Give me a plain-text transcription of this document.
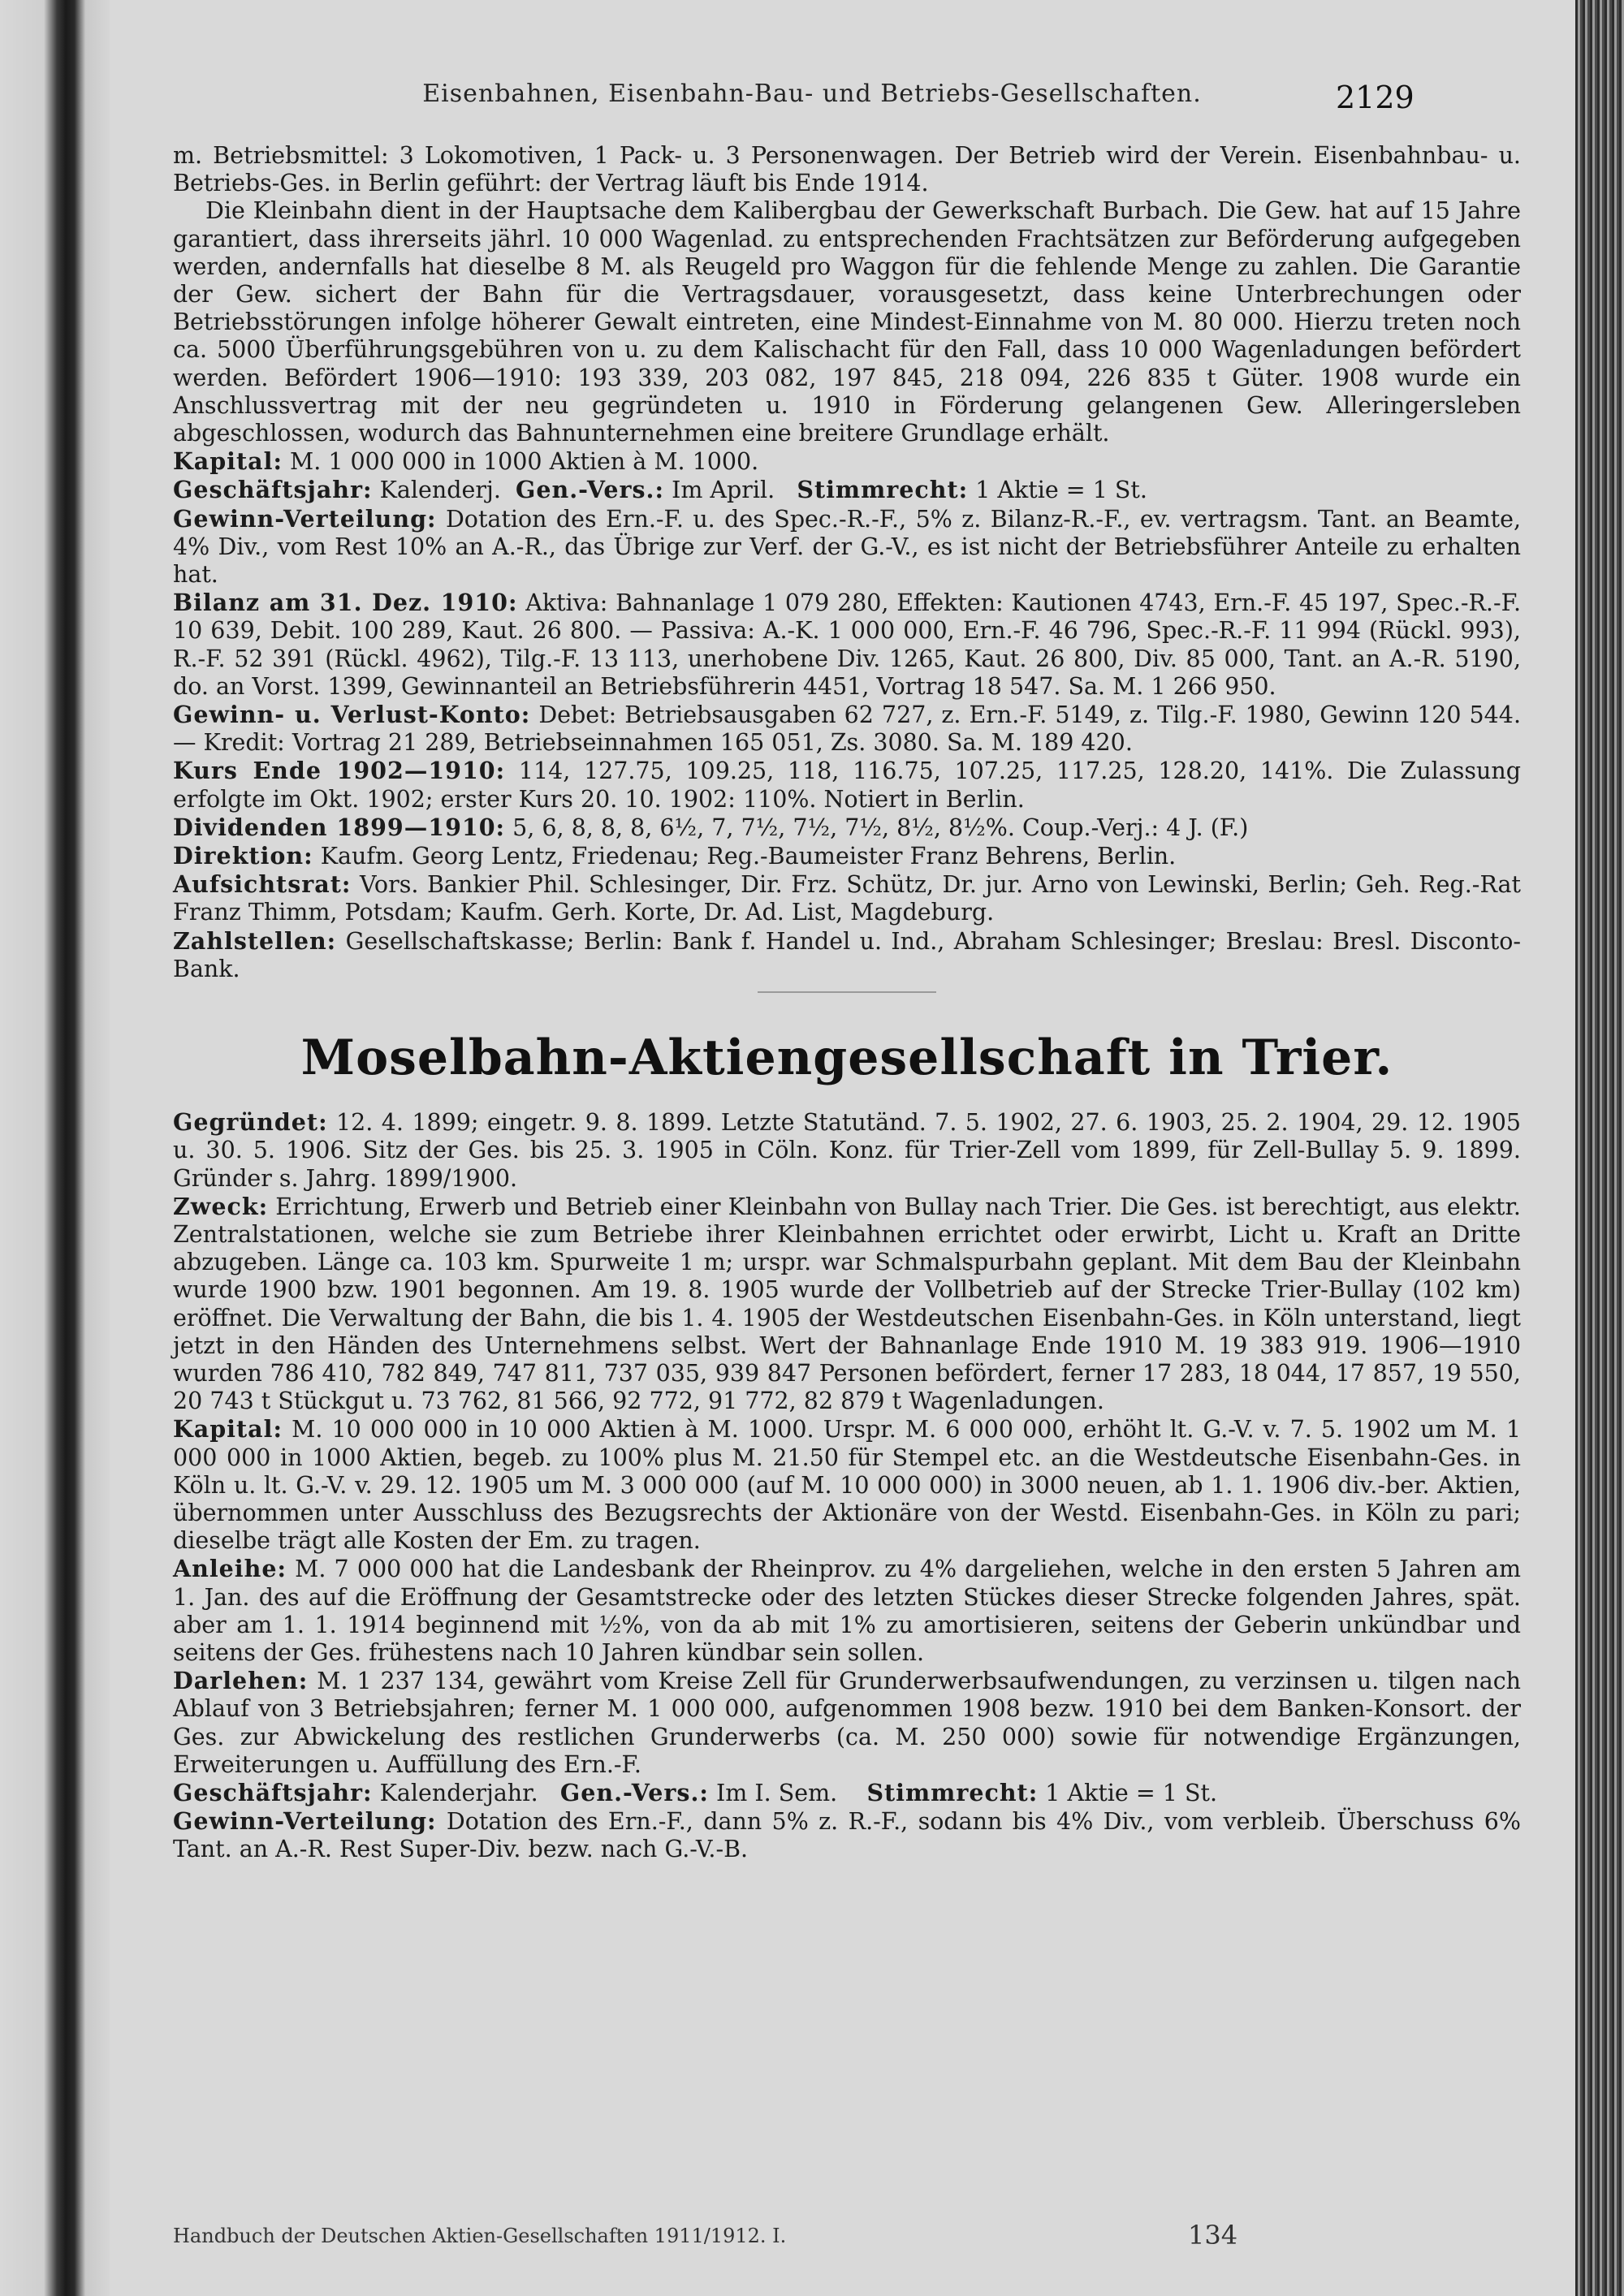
Eisenbahnen, Eisenbahn-Bau- und Betriebs-Gesellschaften.	2129

m. Betriebsmittel: 3 Lokomotiven, 1 Pack- u. 3 Personenwagen. Der Betrieb wird der Verein. Eisenbahnbau- u. Betriebs-Ges. in Berlin geführt: der Vertrag läuft bis Ende 1914.

Die Kleinbahn dient in der Hauptsache dem Kalibergbau der Gewerkschaft Burbach. Die Gew. hat auf 15 Jahre garantiert, dass ihrerseits jährl. 10 000 Wagenlad. zu entsprechenden Frachtsätzen zur Beförderung aufgegeben werden, andernfalls hat dieselbe 8 M. als Reugeld pro Waggon für die fehlende Menge zu zahlen. Die Garantie der Gew. sichert der Bahn für die Vertragsdauer, vorausgesetzt, dass keine Unterbrechungen oder Betriebsstörungen infolge höherer Gewalt eintreten, eine Mindest-Einnahme von M. 80 000. Hierzu treten noch ca. 5000 Überführungsgebühren von u. zu dem Kalischacht für den Fall, dass 10 000 Wagenladungen befördert werden. Befördert 1906—1910: 193 339, 203 082, 197 845, 218 094, 226 835 t Güter. 1908 wurde ein Anschlussvertrag mit der neu gegründeten u. 1910 in Förderung gelangenen Gew. Alleringersleben abgeschlossen, wodurch das Bahnunternehmen eine breitere Grundlage erhält.

Kapital: M. 1 000 000 in 1000 Aktien à M. 1000.

Geschäftsjahr: Kalenderj. Gen.-Vers.: Im April. Stimmrecht: 1 Aktie = 1 St.

Gewinn-Verteilung: Dotation des Ern.-F. u. des Spec.-R.-F., 5% z. Bilanz-R.-F., ev. vertragsm. Tant. an Beamte, 4% Div., vom Rest 10% an A.-R., das Übrige zur Verf. der G.-V., es ist nicht der Betriebsführer Anteile zu erhalten hat.

Bilanz am 31. Dez. 1910: Aktiva: Bahnanlage 1 079 280, Effekten: Kautionen 4743, Ern.-F. 45 197, Spec.-R.-F. 10 639, Debit. 100 289, Kaut. 26 800. — Passiva: A.-K. 1 000 000, Ern.-F. 46 796, Spec.-R.-F. 11 994 (Rückl. 993), R.-F. 52 391 (Rückl. 4962), Tilg.-F. 13 113, unerhobene Div. 1265, Kaut. 26 800, Div. 85 000, Tant. an A.-R. 5190, do. an Vorst. 1399, Gewinnanteil an Betriebsführerin 4451, Vortrag 18 547. Sa. M. 1 266 950.

Gewinn- u. Verlust-Konto: Debet: Betriebsausgaben 62 727, z. Ern.-F. 5149, z. Tilg.-F. 1980, Gewinn 120 544. — Kredit: Vortrag 21 289, Betriebseinnahmen 165 051, Zs. 3080. Sa. M. 189 420.

Kurs Ende 1902—1910: 114, 127.75, 109.25, 118, 116.75, 107.25, 117.25, 128.20, 141%. Die Zulassung erfolgte im Okt. 1902; erster Kurs 20. 10. 1902: 110%. Notiert in Berlin.

Dividenden 1899—1910: 5, 6, 8, 8, 8, 6½, 7, 7½, 7½, 7½, 8½, 8½%. Coup.-Verj.: 4 J. (F.)

Direktion: Kaufm. Georg Lentz, Friedenau; Reg.-Baumeister Franz Behrens, Berlin.

Aufsichtsrat: Vors. Bankier Phil. Schlesinger, Dir. Frz. Schütz, Dr. jur. Arno von Lewinski, Berlin; Geh. Reg.-Rat Franz Thimm, Potsdam; Kaufm. Gerh. Korte, Dr. Ad. List, Magdeburg.

Zahlstellen: Gesellschaftskasse; Berlin: Bank f. Handel u. Ind., Abraham Schlesinger; Breslau: Bresl. Disconto-Bank.

Moselbahn-Aktiengesellschaft in Trier.

Gegründet: 12. 4. 1899; eingetr. 9. 8. 1899. Letzte Statutänd. 7. 5. 1902, 27. 6. 1903, 25. 2. 1904, 29. 12. 1905 u. 30. 5. 1906. Sitz der Ges. bis 25. 3. 1905 in Cöln. Konz. für Trier-Zell vom 1899, für Zell-Bullay 5. 9. 1899. Gründer s. Jahrg. 1899/1900.

Zweck: Errichtung, Erwerb und Betrieb einer Kleinbahn von Bullay nach Trier. Die Ges. ist berechtigt, aus elektr. Zentralstationen, welche sie zum Betriebe ihrer Kleinbahnen errichtet oder erwirbt, Licht u. Kraft an Dritte abzugeben. Länge ca. 103 km. Spurweite 1 m; urspr. war Schmalspurbahn geplant. Mit dem Bau der Kleinbahn wurde 1900 bzw. 1901 begonnen. Am 19. 8. 1905 wurde der Vollbetrieb auf der Strecke Trier-Bullay (102 km) eröffnet. Die Verwaltung der Bahn, die bis 1. 4. 1905 der Westdeutschen Eisenbahn-Ges. in Köln unterstand, liegt jetzt in den Händen des Unternehmens selbst. Wert der Bahnanlage Ende 1910 M. 19 383 919. 1906—1910 wurden 786 410, 782 849, 747 811, 737 035, 939 847 Personen befördert, ferner 17 283, 18 044, 17 857, 19 550, 20 743 t Stückgut u. 73 762, 81 566, 92 772, 91 772, 82 879 t Wagenladungen.

Kapital: M. 10 000 000 in 10 000 Aktien à M. 1000. Urspr. M. 6 000 000, erhöht lt. G.-V. v. 7. 5. 1902 um M. 1 000 000 in 1000 Aktien, begeb. zu 100% plus M. 21.50 für Stempel etc. an die Westdeutsche Eisenbahn-Ges. in Köln u. lt. G.-V. v. 29. 12. 1905 um M. 3 000 000 (auf M. 10 000 000) in 3000 neuen, ab 1. 1. 1906 div.-ber. Aktien, übernommen unter Ausschluss des Bezugsrechts der Aktionäre von der Westd. Eisenbahn-Ges. in Köln zu pari; dieselbe trägt alle Kosten der Em. zu tragen.

Anleihe: M. 7 000 000 hat die Landesbank der Rheinprov. zu 4% dargeliehen, welche in den ersten 5 Jahren am 1. Jan. des auf die Eröffnung der Gesamtstrecke oder des letzten Stückes dieser Strecke folgenden Jahres, spät. aber am 1. 1. 1914 beginnend mit ½%, von da ab mit 1% zu amortisieren, seitens der Geberin unkündbar und seitens der Ges. frühestens nach 10 Jahren kündbar sein sollen.

Darlehen: M. 1 237 134, gewährt vom Kreise Zell für Grunderwerbsaufwendungen, zu verzinsen u. tilgen nach Ablauf von 3 Betriebsjahren; ferner M. 1 000 000, aufgenommen 1908 bezw. 1910 bei dem Banken-Konsort. der Ges. zur Abwickelung des restlichen Grunderwerbs (ca. M. 250 000) sowie für notwendige Ergänzungen, Erweiterungen u. Auffüllung des Ern.-F.

Geschäftsjahr: Kalenderjahr. Gen.-Vers.: Im I. Sem. Stimmrecht: 1 Aktie = 1 St.

Gewinn-Verteilung: Dotation des Ern.-F., dann 5% z. R.-F., sodann bis 4% Div., vom verbleib. Überschuss 6% Tant. an A.-R. Rest Super-Div. bezw. nach G.-V.-B.

Handbuch der Deutschen Aktien-Gesellschaften 1911/1912. I.	134
